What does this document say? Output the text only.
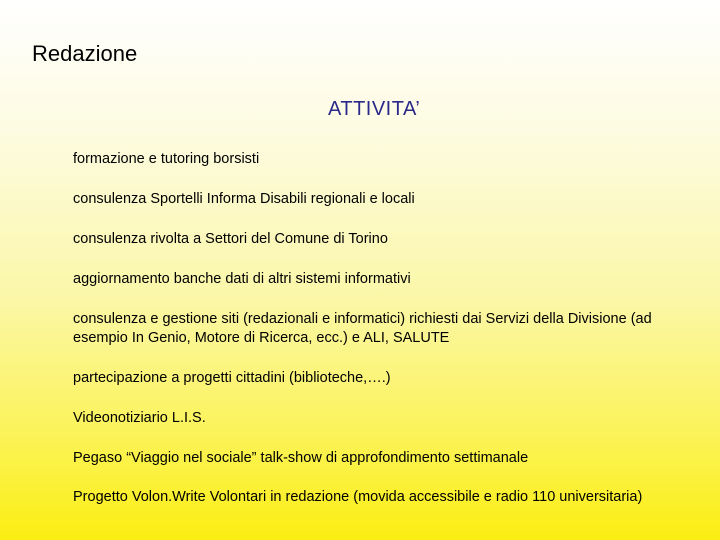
Redazione
ATTIVITA’
formazione e tutoring borsisti
consulenza Sportelli Informa Disabili regionali e locali
consulenza rivolta a Settori del Comune di Torino
aggiornamento banche dati di altri sistemi informativi
consulenza e gestione siti (redazionali e informatici) richiesti dai Servizi della Divisione (ad esempio In Genio, Motore di Ricerca, ecc.) e ALI, SALUTE
partecipazione a progetti cittadini (biblioteche,….)
Videonotiziario L.I.S.
Pegaso “Viaggio nel sociale” talk-show di approfondimento settimanale
Progetto Volon.Write Volontari in redazione (movida accessibile e radio 110 universitaria)
